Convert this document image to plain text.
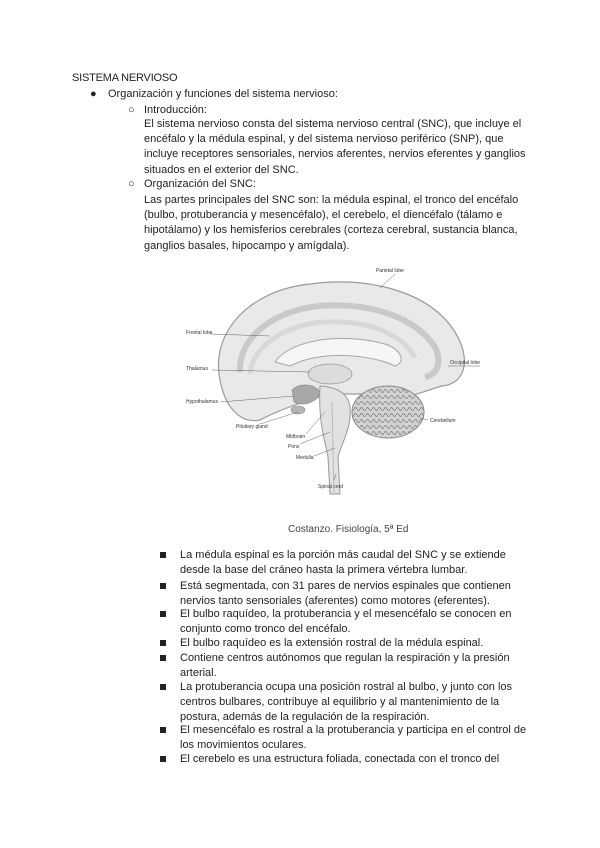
SISTEMA NERVIOSO
● Organización y funciones del sistema nervioso:
○ Introducción:
El sistema nervioso consta del sistema nervioso central (SNC), que incluye el encéfalo y la médula espinal, y del sistema nervioso periférico (SNP), que incluye receptores sensoriales, nervios aferentes, nervios eferentes y ganglios situados en el exterior del SNC.
○ Organización del SNC:
Las partes principales del SNC son: la médula espinal, el tronco del encéfalo (bulbo, protuberancia y mesencéfalo), el cerebelo, el diencéfalo (tálamo e hipotálamo) y los hemisferios cerebrales (corteza cerebral, sustancia blanca, ganglios basales, hipocampo y amígdala).
Parietal lobe
Frontal lobe
Occipital lobe
Thalamus
Hypothalamus
Cerebellum
Pituitary gland
Midbrain
Pons
Medulla
Spinal cord
Costanzo. Fisiología, 5ª Ed
La médula espinal es la porción más caudal del SNC y se extiende desde la base del cráneo hasta la primera vértebra lumbar.
Está segmentada, con 31 pares de nervios espinales que contienen nervios tanto sensoriales (aferentes) como motores (eferentes).
El bulbo raquídeo, la protuberancia y el mesencéfalo se conocen en conjunto como tronco del encéfalo.
El bulbo raquídeo es la extensión rostral de la médula espinal.
Contiene centros autónomos que regulan la respiración y la presión arterial.
La protuberancia ocupa una posición rostral al bulbo, y junto con los centros bulbares, contribuye al equilibrio y al mantenimiento de la postura, además de la regulación de la respiración.
El mesencéfalo es rostral a la protuberancia y participa en el control de los movimientos oculares.
El cerebelo es una estructura foliada, conectada con el tronco del
